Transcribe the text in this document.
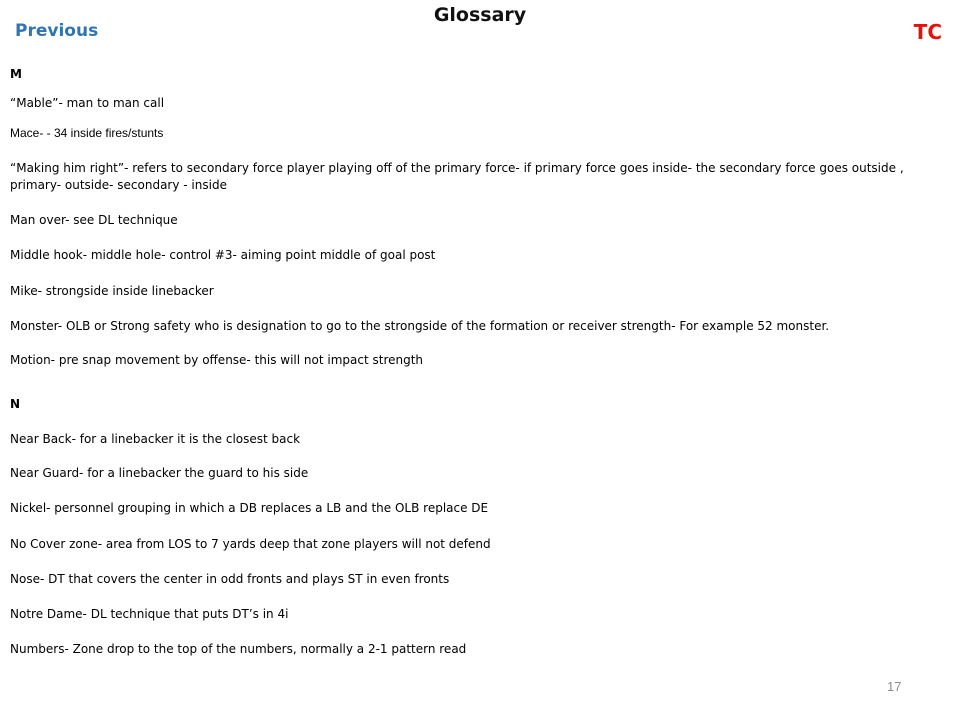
Glossary
Previous	TC
M
“Mable”- man to man call
Mace- - 34 inside fires/stunts
“Making him right”- refers to secondary force player playing off of the primary force- if primary force goes inside- the secondary force goes outside , primary- outside- secondary - inside
Man over- see DL technique
Middle hook- middle hole- control #3- aiming point middle of goal post
Mike- strongside inside linebacker
Monster- OLB or Strong safety who is designation to go to the strongside of the formation or receiver strength- For example 52 monster.
Motion- pre snap movement by offense- this will not impact strength
N
Near Back- for a linebacker it is the closest back
Near Guard- for a linebacker the guard to his side
Nickel- personnel grouping in which a DB replaces a LB and the OLB replace DE
No Cover zone- area from LOS to 7 yards deep that zone players will not defend
Nose- DT that covers the center in odd fronts and plays ST in even fronts
Notre Dame- DL technique that puts DT’s in 4i
Numbers- Zone drop to the top of the numbers, normally a 2-1 pattern read
17
